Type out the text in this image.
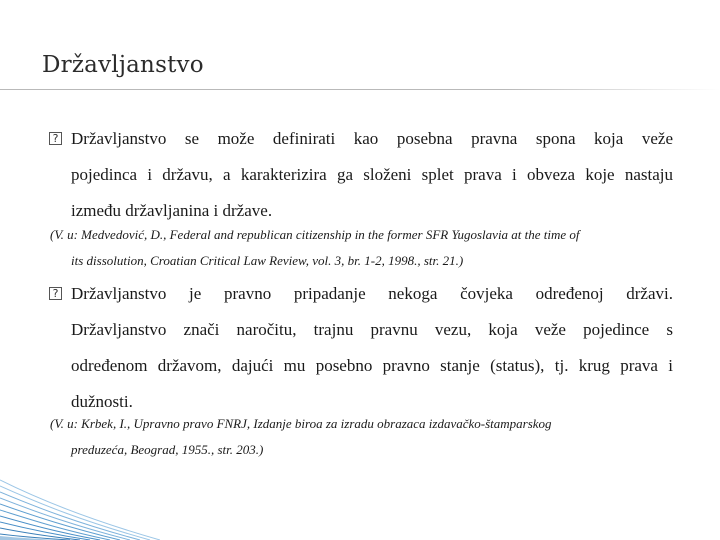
Državljanstvo
? Državljanstvo se može definirati kao posebna pravna spona koja veže
pojedinca i državu, a karakterizira ga složeni splet prava i obveza koje nastaju
između državljanina i države.

(V. u: Medvedović, D., Federal and republican citizenship in the former SFR Yugoslavia at the time of
its dissolution, Croatian Critical Law Review, vol. 3, br. 1-2, 1998., str. 21.)

? Državljanstvo je pravno pripadanje nekoga čovjeka određenoj državi.
Državljanstvo znači naročitu, trajnu pravnu vezu, koja veže pojedince s
određenom državom, dajući mu posebno pravno stanje (status), tj. krug prava i
dužnosti.

(V. u: Krbek, I., Upravno pravo FNRJ, Izdanje biroa za izradu obrazaca izdavačko-štamparskog
preduzeća, Beograd, 1955., str. 203.)
